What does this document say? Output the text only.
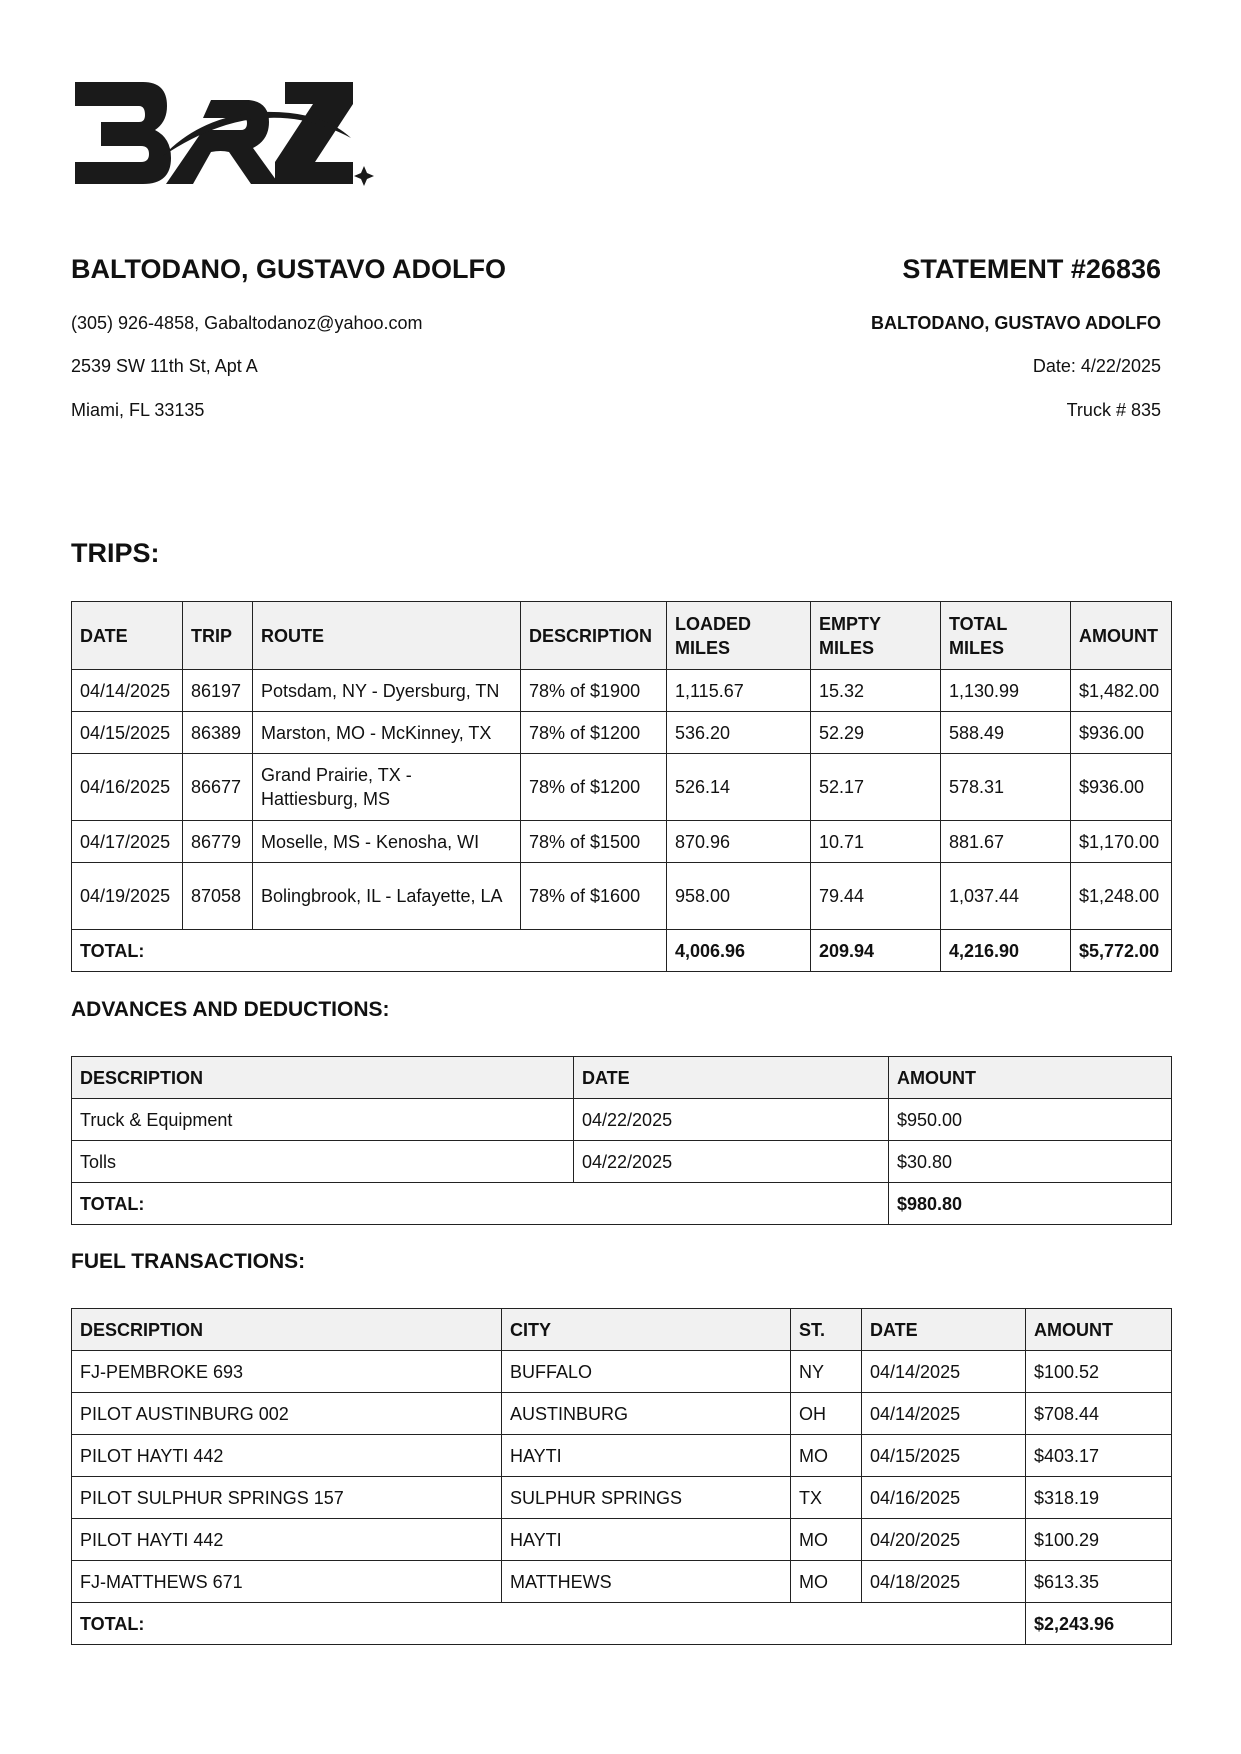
BALTODANO, GUSTAVO ADOLFO	STATEMENT #26836
(305) 926-4858, Gabaltodanoz@yahoo.com
2539 SW 11th St, Apt A
Miami, FL 33135
BALTODANO, GUSTAVO ADOLFO
Date: 4/22/2025
Truck # 835
TRIPS:
DATE	TRIP	ROUTE	DESCRIPTION	LOADED MILES	EMPTY MILES	TOTAL MILES	AMOUNT
04/14/2025	86197	Potsdam, NY - Dyersburg, TN	78% of $1900	1,115.67	15.32	1,130.99	$1,482.00
04/15/2025	86389	Marston, MO - McKinney, TX	78% of $1200	536.20	52.29	588.49	$936.00
04/16/2025	86677	Grand Prairie, TX - Hattiesburg, MS	78% of $1200	526.14	52.17	578.31	$936.00
04/17/2025	86779	Moselle, MS - Kenosha, WI	78% of $1500	870.96	10.71	881.67	$1,170.00
04/19/2025	87058	Bolingbrook, IL - Lafayette, LA	78% of $1600	958.00	79.44	1,037.44	$1,248.00
TOTAL:				4,006.96	209.94	4,216.90	$5,772.00
ADVANCES AND DEDUCTIONS:
DESCRIPTION	DATE	AMOUNT
Truck & Equipment	04/22/2025	$950.00
Tolls	04/22/2025	$30.80
TOTAL:		$980.80
FUEL TRANSACTIONS:
DESCRIPTION	CITY	ST.	DATE	AMOUNT
FJ-PEMBROKE 693	BUFFALO	NY	04/14/2025	$100.52
PILOT AUSTINBURG 002	AUSTINBURG	OH	04/14/2025	$708.44
PILOT HAYTI 442	HAYTI	MO	04/15/2025	$403.17
PILOT SULPHUR SPRINGS 157	SULPHUR SPRINGS	TX	04/16/2025	$318.19
PILOT HAYTI 442	HAYTI	MO	04/20/2025	$100.29
FJ-MATTHEWS 671	MATTHEWS	MO	04/18/2025	$613.35
TOTAL:				$2,243.96
